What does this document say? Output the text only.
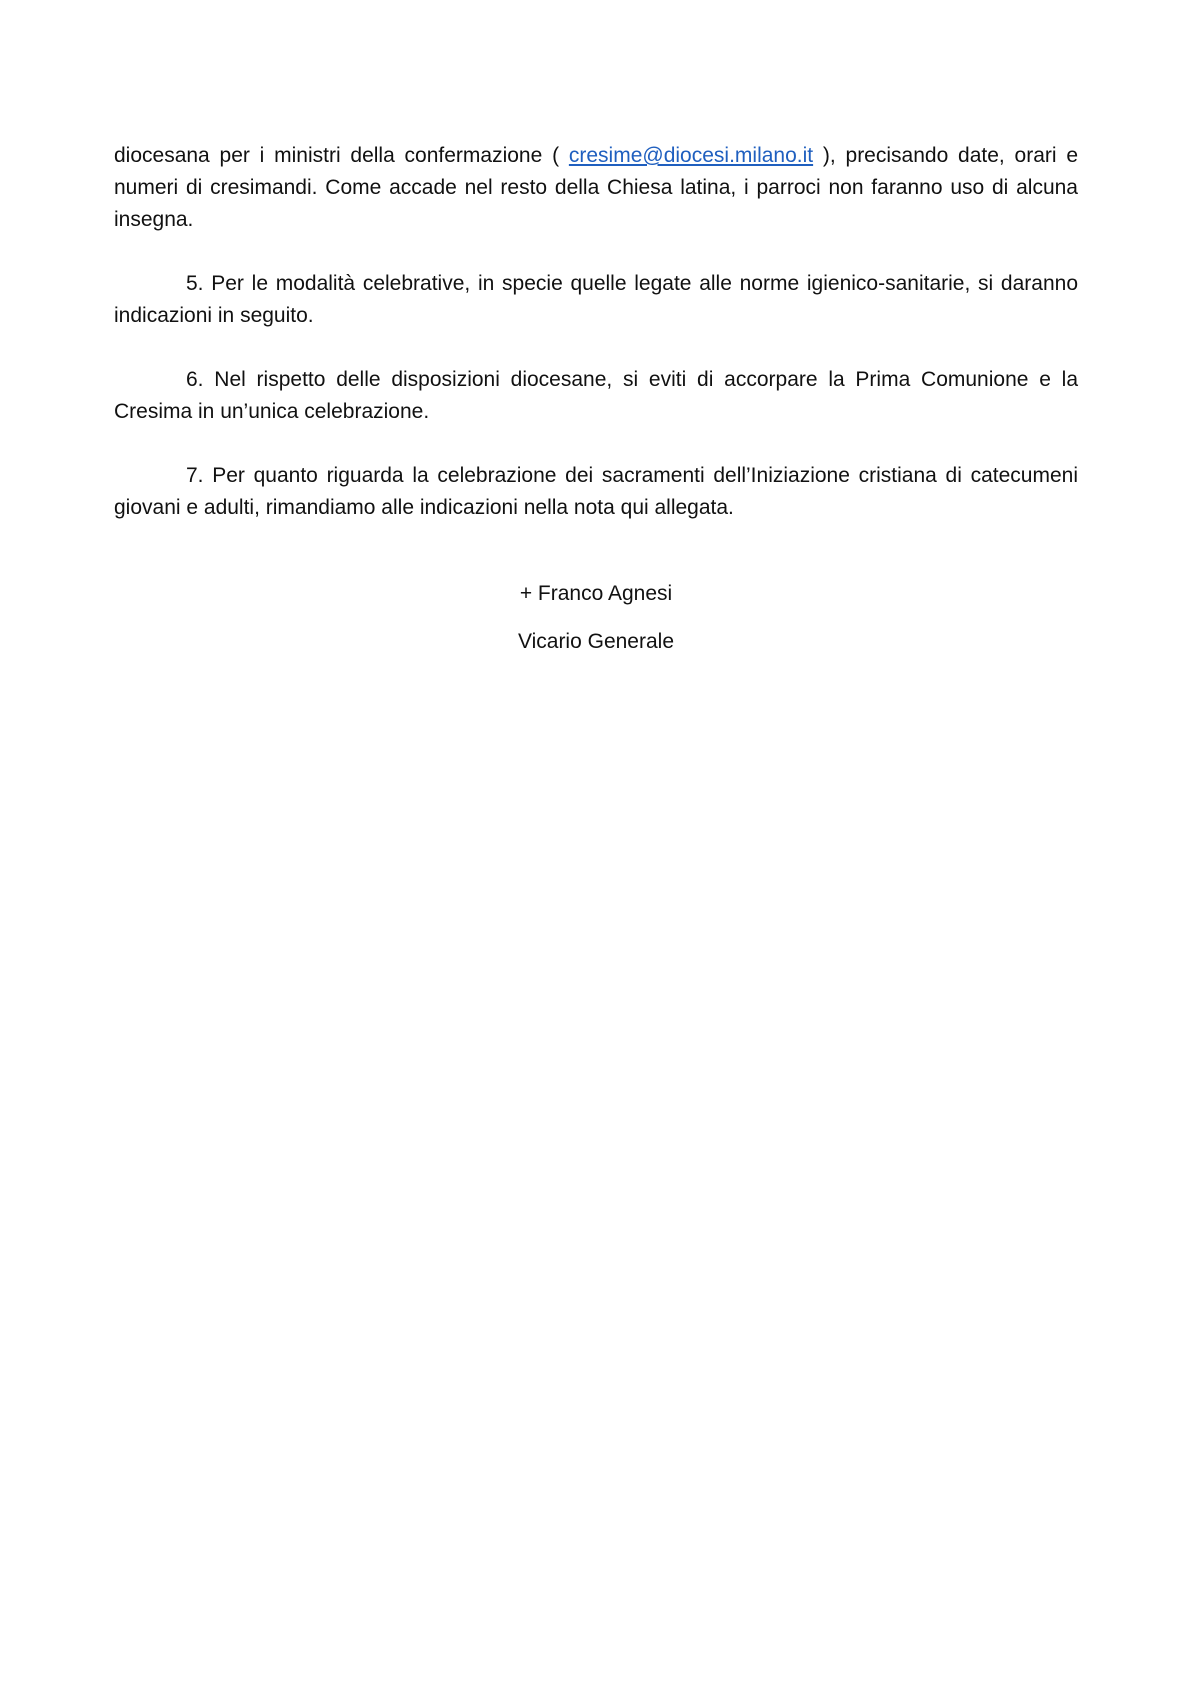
diocesana per i ministri della confermazione ( cresime@diocesi.milano.it ), precisando date, orari e numeri di cresimandi. Come accade nel resto della Chiesa latina, i parroci non faranno uso di alcuna insegna.

5. Per le modalità celebrative, in specie quelle legate alle norme igienico-sanitarie, si daranno indicazioni in seguito.

6. Nel rispetto delle disposizioni diocesane, si eviti di accorpare la Prima Comunione e la Cresima in un’unica celebrazione.

7. Per quanto riguarda la celebrazione dei sacramenti dell’Iniziazione cristiana di catecumeni giovani e adulti, rimandiamo alle indicazioni nella nota qui allegata.

+ Franco Agnesi
Vicario Generale
